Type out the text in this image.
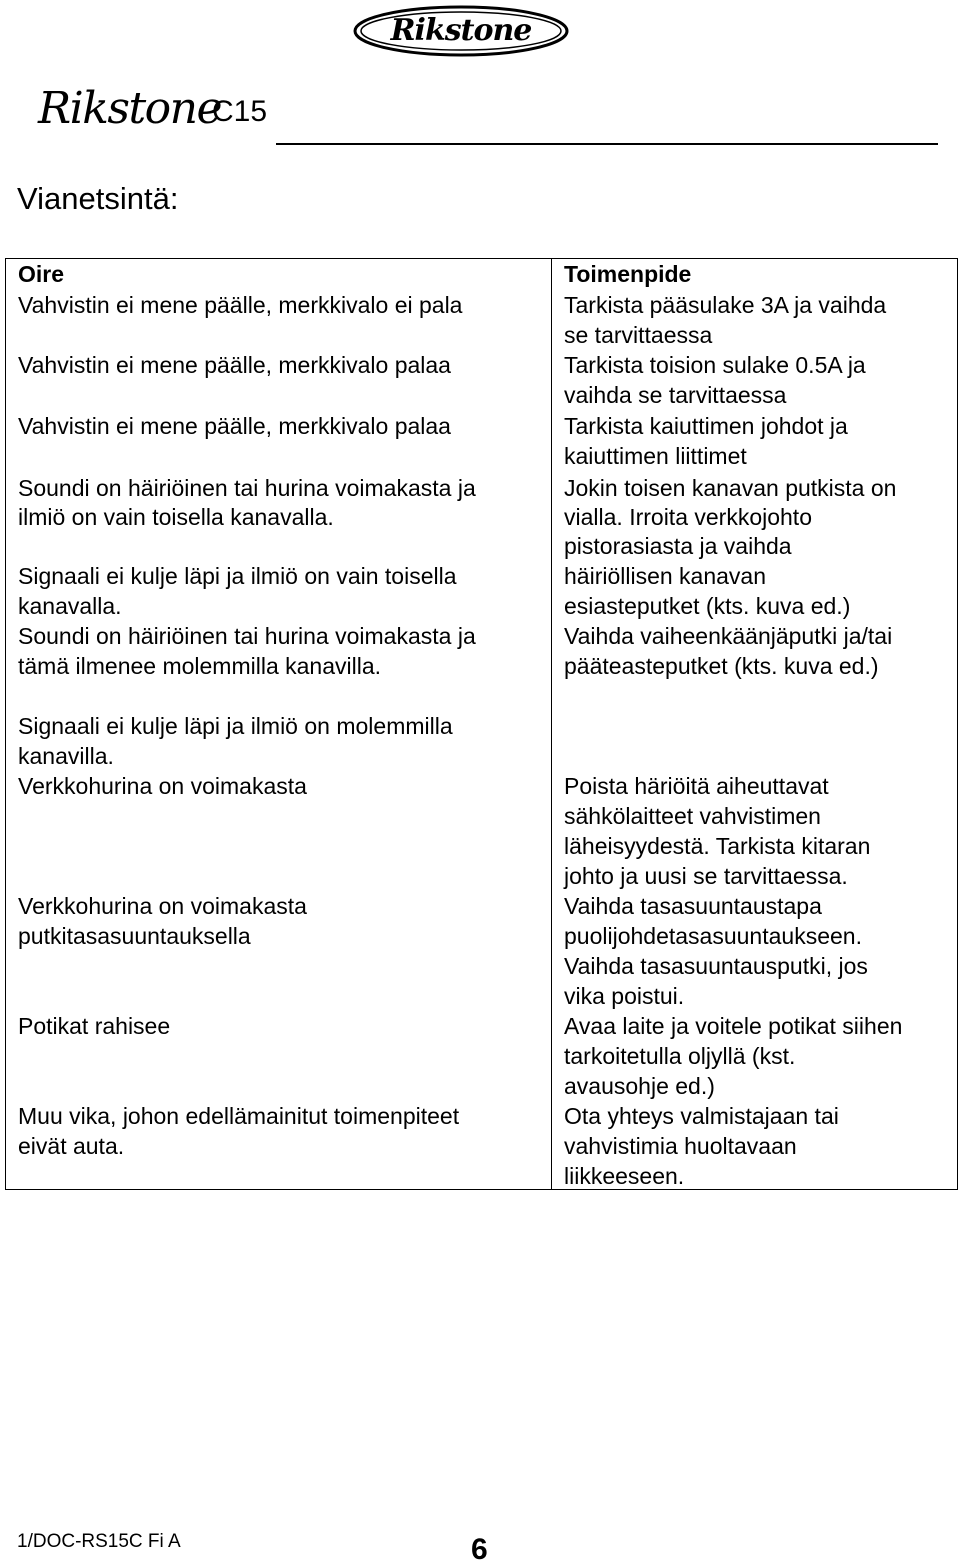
Rikstone
Rikstone
C15
Vianetsintä:
Oire	Toimenpide
Vahvistin ei mene päälle, merkkivalo ei pala
Vahvistin ei mene päälle, merkkivalo palaa
Vahvistin ei mene päälle, merkkivalo palaa
Soundi on häiriöinen tai hurina voimakasta ja
ilmiö on vain toisella kanavalla.
Signaali ei kulje läpi ja ilmiö on vain toisella
kanavalla.
Soundi on häiriöinen tai hurina voimakasta ja
tämä ilmenee molemmilla kanavilla.
Signaali ei kulje läpi ja ilmiö on molemmilla
kanavilla.
Verkkohurina on voimakasta
Verkkohurina on voimakasta
putkitasasuuntauksella
Potikat rahisee
Muu vika, johon edellämainitut toimenpiteet
eivät auta.
Tarkista pääsulake 3A ja vaihda
se tarvittaessa
Tarkista toision sulake 0.5A ja
vaihda se tarvittaessa
Tarkista kaiuttimen johdot ja
kaiuttimen liittimet
Jokin toisen kanavan putkista on
vialla. Irroita verkkojohto
pistorasiasta ja vaihda
häiriöllisen kanavan
esiasteputket (kts. kuva ed.)
Vaihda vaiheenkäänjäputki ja/tai
pääteasteputket (kts. kuva ed.)
Poista häriöitä aiheuttavat
sähkölaitteet vahvistimen
läheisyydestä. Tarkista kitaran
johto ja uusi se tarvittaessa.
Vaihda tasasuuntaustapa
puolijohdetasasuuntaukseen.
Vaihda tasasuuntausputki, jos
vika poistui.
Avaa laite ja voitele potikat siihen
tarkoitetulla oljyllä (kst.
avausohje ed.)
Ota yhteys valmistajaan tai
vahvistimia huoltavaan
liikkeeseen.
1/DOC-RS15C Fi A	6
